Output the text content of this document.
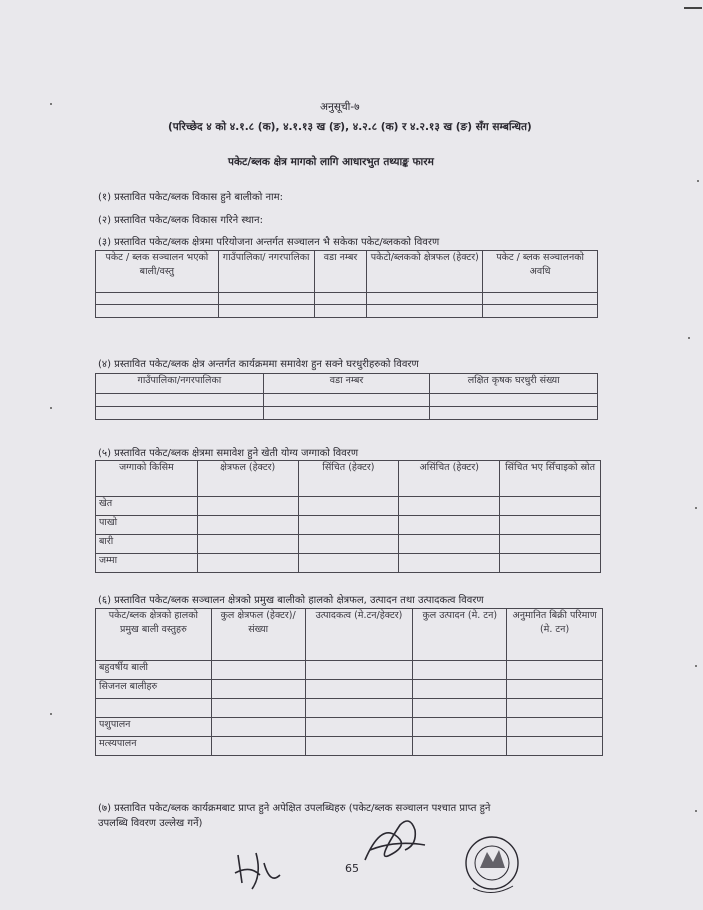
अनुसूची-७
(परिच्छेद ४ को ४.१.८ (क), ४.१.१३ ख (ङ), ४.२.८ (क) र ४.२.१३ ख (ङ) सँग सम्बन्धित)
पकेट/ब्लक क्षेत्र मागको लागि आधारभुत तथ्याङ्क फारम
(१) प्रस्तावित पकेट/ब्लक विकास हुने बालीको नाम:
(२) प्रस्तावित पकेट/ब्लक विकास गरिने स्थान:
(३) प्रस्तावित पकेट/ब्लक क्षेत्रमा परियोजना अन्तर्गत सञ्चालन भै सकेका पकेट/ब्लकको विवरण
पकेट / ब्लक सञ्चालन भएको बाली/वस्तु	गाउँपालिका/ नगरपालिका	वडा नम्बर	पकेटो/ब्लकको क्षेत्रफल (हेक्टर)	पकेट / ब्लक सञ्चालनको अवधि

(४) प्रस्तावित पकेट/ब्लक क्षेत्र अन्तर्गत कार्यक्रममा समावेश हुन सक्ने घरधुरीहरुको विवरण
गाउँपालिका/नगरपालिका	वडा नम्बर	लक्षित कृषक घरधुरी संख्या

(५) प्रस्तावित पकेट/ब्लक क्षेत्रमा समावेश हुने खेती योग्य जग्गाको विवरण
जग्गाको किसिम	क्षेत्रफल (हेक्टर)	सिंचित (हेक्टर)	असिंचित (हेक्टर)	सिंचित भए सिँचाइको स्रोत
खेत				
पाखो				
बारी				
जम्मा				
(६) प्रस्तावित पकेट/ब्लक सञ्चालन क्षेत्रको प्रमुख बालीको हालको क्षेत्रफल, उत्पादन तथा उत्पादकत्व विवरण
पकेट/ब्लक क्षेत्रको हालको प्रमुख बाली वस्तुहरु	कुल क्षेत्रफल (हेक्टर)/संख्या	उत्पादकत्व (मे.टन/हेक्टर)	कुल उत्पादन (मे. टन)	अनुमानित बिक्री परिमाण (मे. टन)
बहुवर्षीय बाली				
सिजनल बालीहरु				

पशुपालन				
मत्स्यपालन				
(७) प्रस्तावित पकेट/ब्लक कार्यक्रमबाट प्राप्त हुने अपेक्षित उपलब्धिहरु (पकेट/ब्लक सञ्चालन पश्चात प्राप्त हुने
उपलब्धि विवरण उल्लेख गर्ने)
65
